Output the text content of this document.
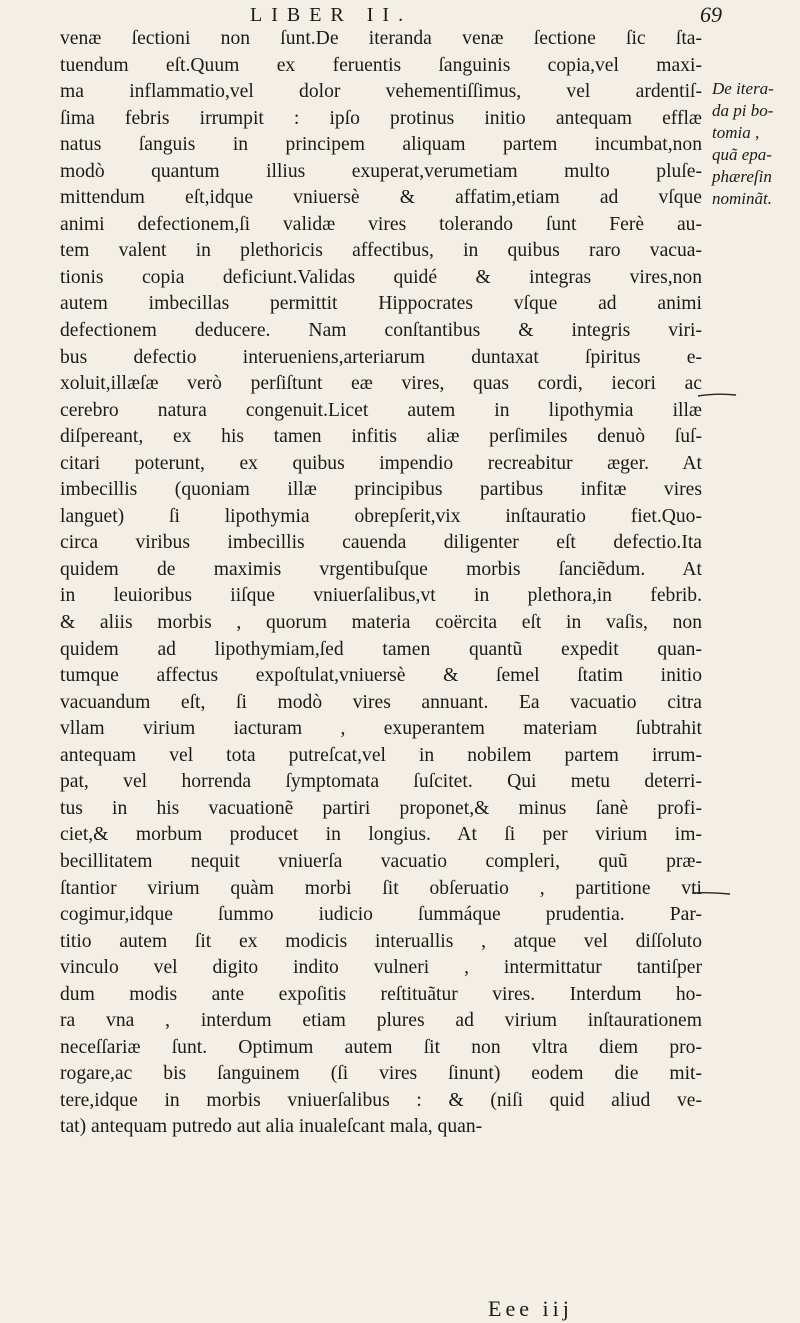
LIBER II.	69
venæ ſectioni non ſunt.De iteranda venæ ſectione ſic ſta-
tuendum eſt.Quum ex feruentis ſanguinis copia,vel maxi-
ma inflammatio,vel dolor vehementiſſimus, vel ardentiſ-
ſima febris irrumpit : ipſo protinus initio antequam efflæ
natus ſanguis in principem aliquam partem incumbat,non
modò quantum illius exuperat,verumetiam multo pluſe-
mittendum eſt,idque vniuersè & affatim,etiam ad vſque
animi defectionem,ſi validæ vires tolerando ſunt Ferè au-
tem valent in plethoricis affectibus, in quibus raro vacua-
tionis copia deficiunt.Validas quidé & integras vires,non
autem imbecillas permittit Hippocrates vſque ad animi
defectionem deducere. Nam conſtantibus & integris viri-
bus defectio interueniens,arteriarum duntaxat ſpiritus e-
xoluit,illæſæ verò perſiſtunt eæ vires, quas cordi, iecori ac
cerebro natura congenuit.Licet autem in lipothymia illæ
diſpereant, ex his tamen infitis aliæ perſimiles denuò ſuſ-
citari poterunt, ex quibus impendio recreabitur æger. At
imbecillis (quoniam illæ principibus partibus infitæ vires
languet) ſi lipothymia obrepſerit,vix inſtauratio fiet.Quo-
circa viribus imbecillis cauenda diligenter eſt defectio.Ita
quidem de maximis vrgentibuſque morbis ſanciẽdum. At
in leuioribus iiſque vniuerſalibus,vt in plethora,in febrib.
& aliis morbis , quorum materia coërcita eſt in vaſis, non
quidem ad lipothymiam,ſed tamen quantũ expedit quan-
tumque affectus expoſtulat,vniuersè & ſemel ſtatim initio
vacuandum eſt, ſi modò vires annuant. Ea vacuatio citra
vllam virium iacturam , exuperantem materiam ſubtrahit
antequam vel tota putreſcat,vel in nobilem partem irrum-
pat, vel horrenda ſymptomata ſuſcitet. Qui metu deterri-
tus in his vacuationẽ partiri proponet,& minus ſanè profi-
ciet,& morbum producet in longius. At ſi per virium im-
becillitatem nequit vniuerſa vacuatio compleri, quũ præ-
ſtantior virium quàm morbi ſit obſeruatio , partitione vti
cogimur,idque ſummo iudicio ſummáque prudentia. Par-
titio autem ſit ex modicis interuallis , atque vel diſſoluto
vinculo vel digito indito vulneri , intermittatur tantiſper
dum modis ante expoſitis reſtituãtur vires. Interdum ho-
ra vna , interdum etiam plures ad virium inſtaurationem
neceſſariæ ſunt. Optimum autem ſit non vltra diem pro-
rogare,ac bis ſanguinem (ſi vires ſinunt) eodem die mit-
tere,idque in morbis vniuerſalibus : & (niſi quid aliud ve-
tat) antequam putredo aut alia inualeſcant mala, quan-
De itera-
da pi bo-
tomia ,
quã epa-
phæreſin
nominãt.
Eee iij
